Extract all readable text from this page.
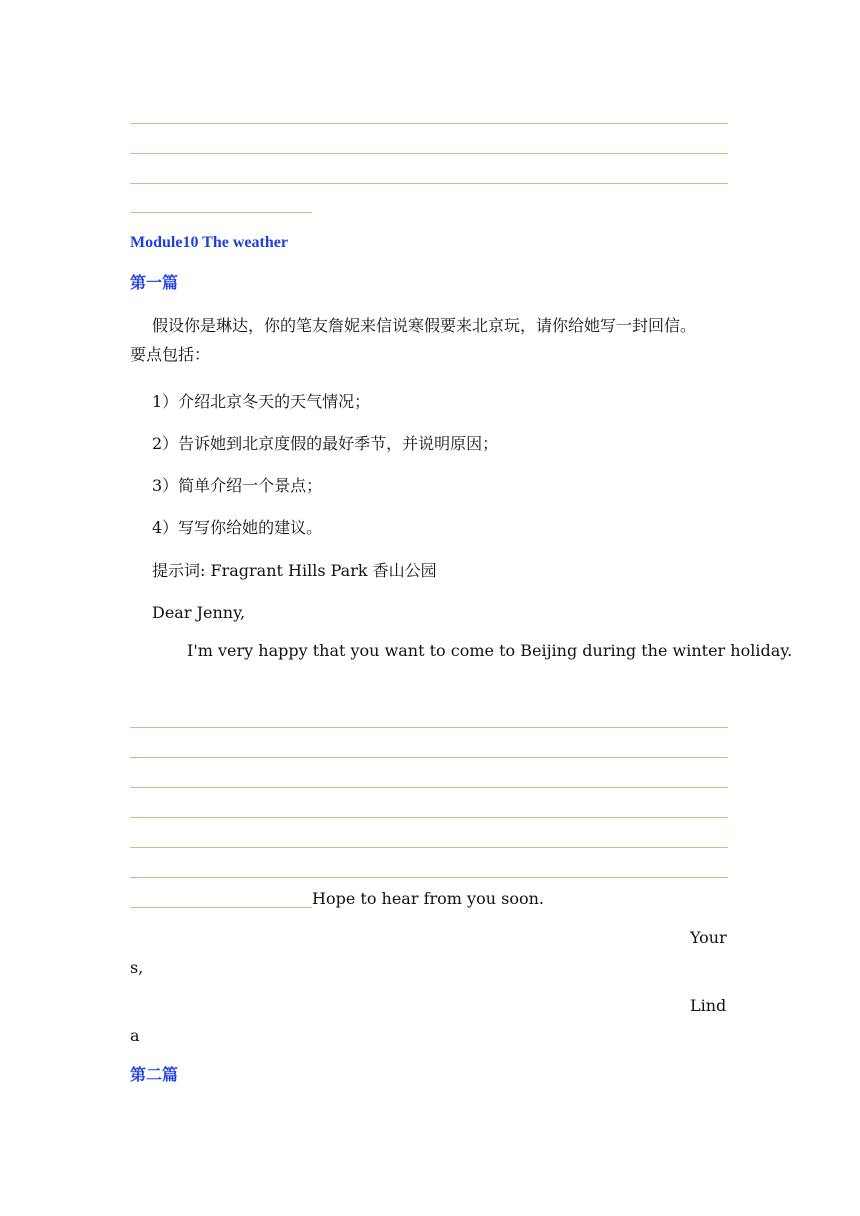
Module10 The weather
第一篇
假设你是琳达，你的笔友詹妮来信说寒假要来北京玩，请你给她写一封回信。
要点包括：
1）介绍北京冬天的天气情况；
2）告诉她到北京度假的最好季节，并说明原因；
3）简单介绍一个景点；
4）写写你给她的建议。
提示词: Fragrant Hills Park 香山公园
Dear Jenny,
I'm very happy that you want to come to Beijing during the winter holiday.
Hope to hear from you soon.
Your
s,
Lind
a
第二篇
